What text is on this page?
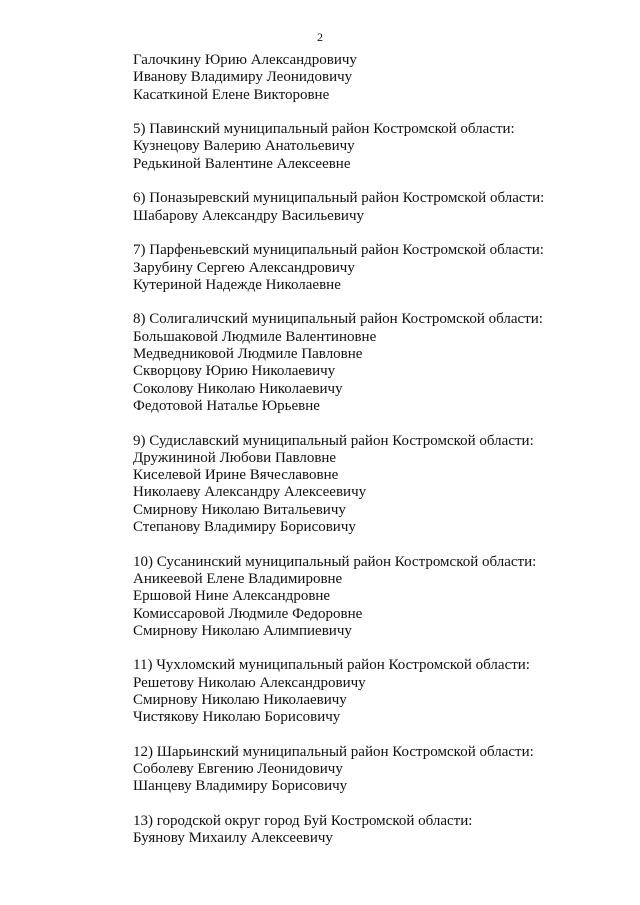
2
Галочкину Юрию Александровичу
Иванову Владимиру Леонидовичу
Касаткиной Елене Викторовне
5) Павинский муниципальный район Костромской области:
Кузнецову Валерию Анатольевичу
Редькиной Валентине Алексеевне
6) Поназыревский муниципальный район Костромской области:
Шабарову Александру Васильевичу
7) Парфеньевский муниципальный район Костромской области:
Зарубину Сергею Александровичу
Кутериной Надежде Николаевне
8) Солигаличский муниципальный район Костромской области:
Большаковой Людмиле Валентиновне
Медведниковой Людмиле Павловне
Скворцову Юрию Николаевичу
Соколову Николаю Николаевичу
Федотовой Наталье Юрьевне
9) Судиславский муниципальный район Костромской области:
Дружининой Любови Павловне
Киселевой Ирине Вячеславовне
Николаеву Александру Алексеевичу
Смирнову Николаю Витальевичу
Степанову Владимиру Борисовичу
10) Сусанинский муниципальный район Костромской области:
Аникеевой Елене Владимировне
Ершовой Нине Александровне
Комиссаровой Людмиле Федоровне
Смирнову Николаю Алимпиевичу
11) Чухломский муниципальный район Костромской области:
Решетову Николаю Александровичу
Смирнову Николаю Николаевичу
Чистякову Николаю Борисовичу
12) Шарьинский муниципальный район Костромской области:
Соболеву Евгению Леонидовичу
Шанцеву Владимиру Борисовичу
13) городской округ город Буй Костромской области:
Буянову Михаилу Алексеевичу
